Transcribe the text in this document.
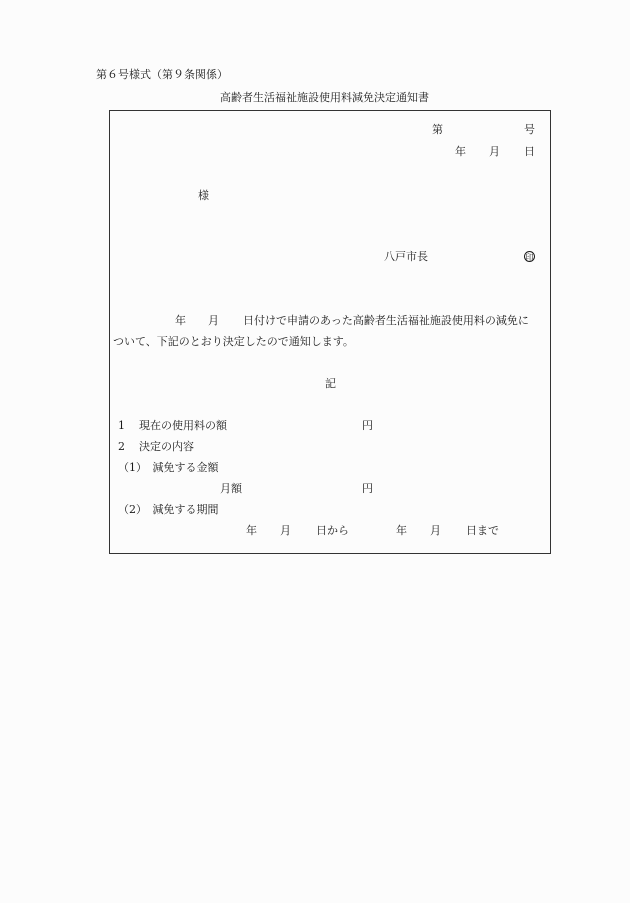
第６号様式（第９条関係）
高齢者生活福祉施設使用料減免決定通知書
第	号
年 月 日
様
八戸市長	印
年 月 日付けで申請のあった高齢者生活福祉施設使用料の減免に
ついて、下記のとおり決定したので通知します。
記
1 現在の使用料の額	円
2 決定の内容
（1）　減免する金額
月額	円
（2）　減免する期間
年 月 日から	年 月 日まで
